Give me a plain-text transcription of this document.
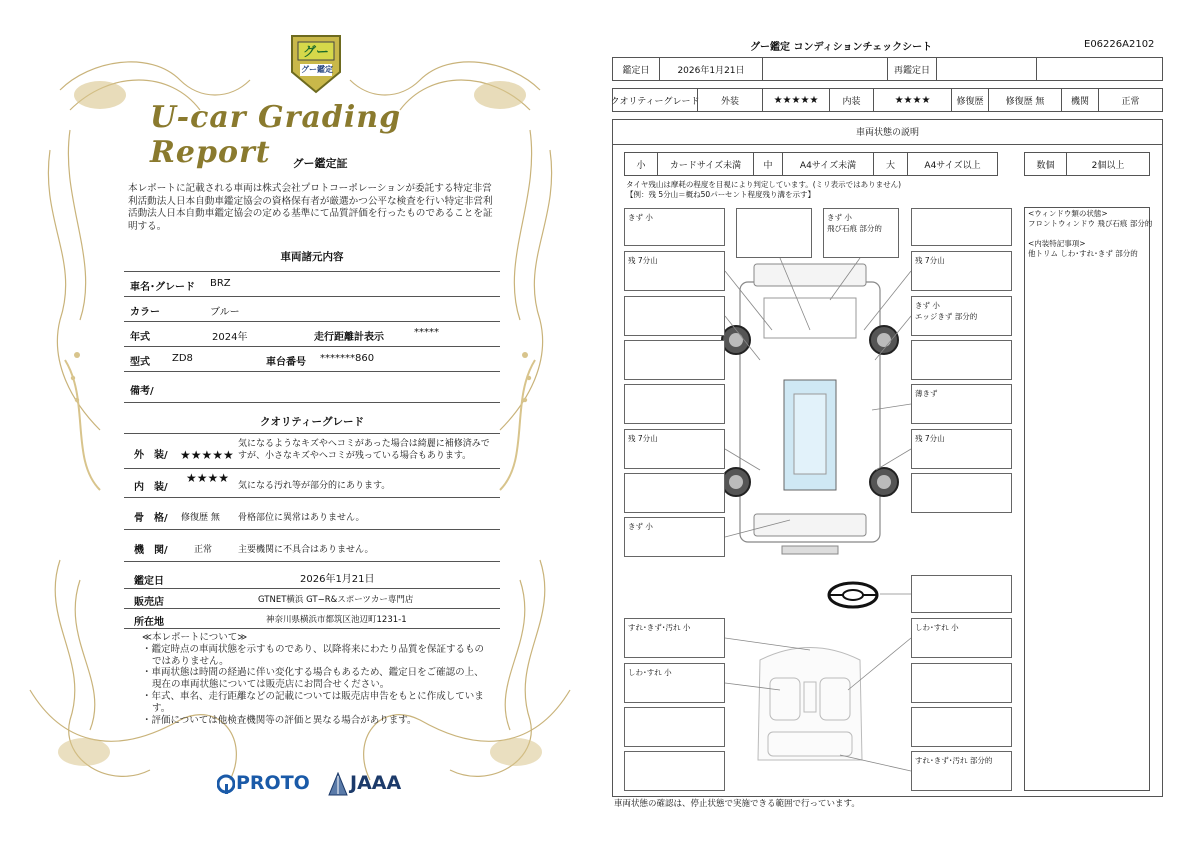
グー
グー鑑定
U-car Grading Report	グー鑑定証
本レポートに記載される車両は株式会社プロトコーポレーションが委託する特定非営利活動法人日本自動車鑑定協会の資格保有者が厳選かつ公平な検査を行い特定非営利活動法人日本自動車鑑定協会の定める基準にて品質評価を行ったものであることを証明する。
車両諸元内容
車名･グレード BRZ
カラー	ブルー
年式	2024年	走行距離計表示	*****
型式 ZD8	車台番号 *******860
備考/
クオリティーグレード
外　装/ ★★★★★
気になるようなキズやヘコミがあった場合は綺麗に補修済みですが、小さなキズやヘコミが残っている場合もあります。
内　装/
★★★★
気になる汚れ等が部分的にあります。
骨　格/ 修復歴 無 骨格部位に異常はありません。
機　関/	正常	主要機関に不具合はありません。
鑑定日	2026年1月21日
販売店	GTNET横浜 GT−R&スポーツカー専門店
所在地	神奈川県横浜市都筑区池辺町1231-1
≪本レポートについて≫
・鑑定時点の車両状態を示すものであり、以降将来にわたり品質を保証するものではありません。
・車両状態は時間の経過に伴い変化する場合もあるため、鑑定日をご確認の上、現在の車両状態については販売店にお問合せください。
・年式、車名、走行距離などの記載については販売店申告をもとに作成しています。
・評価については他検査機関等の評価と異なる場合があります。
PROTO JAAA
グー鑑定 コンディションチェックシート	E06226A2102
鑑定日	2026年1月21日	再鑑定日
クオリティーグレード	外装	★★★★★	内装	★★★★	修復歴	修復歴 無	機関	正常
車両状態の説明
小	カードサイズ未満	中	A4サイズ未満	大	A4サイズ以上	数個	2個以上
タイヤ残山は摩耗の程度を目視により判定しています。(ミリ表示ではありません)
【例：残 5分山＝概ね50パーセント程度残り溝を示す】
<ウィンドウ類の状態>
フロントウィンドウ 飛び石痕 部分的
<内装特記事項>
他トリム しわ･すれ･きず 部分的
きず 小
残 7分山
残 7分山
きず 小
すれ･きず･汚れ 小
しわ･すれ 小
きず 小
飛び石痕 部分的
残 7分山
きず 小
エッジきず 部分的
薄きず
残 7分山
しわ･すれ 小
すれ･きず･汚れ 部分的
車両状態の確認は、停止状態で実施できる範囲で行っています。
